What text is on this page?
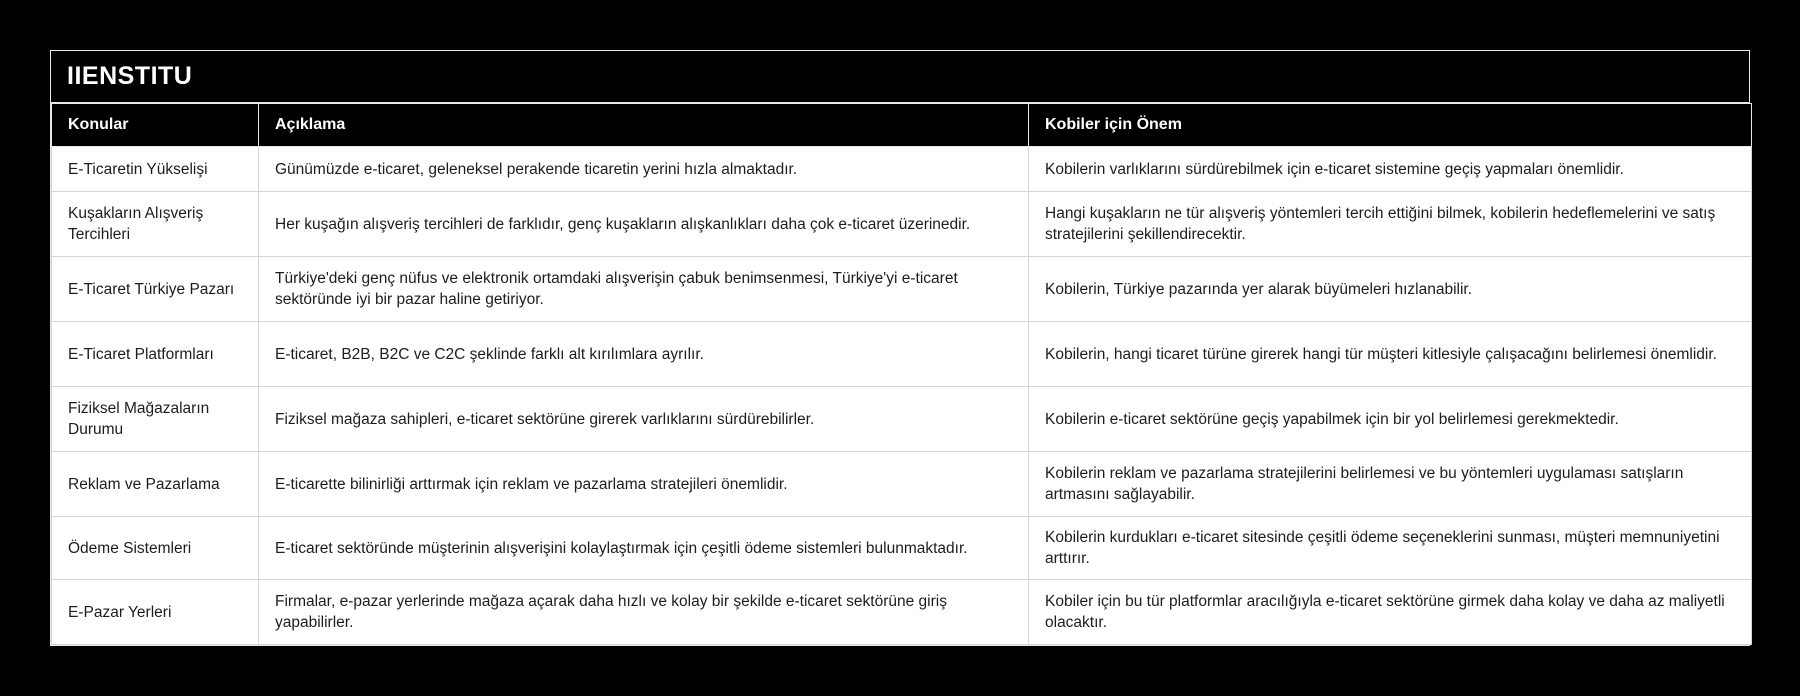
IIENSTITU
Konular	Açıklama	Kobiler için Önem
E-Ticaretin Yükselişi	Günümüzde e-ticaret, geleneksel perakende ticaretin yerini hızla almaktadır.	Kobilerin varlıklarını sürdürebilmek için e-ticaret sistemine geçiş yapmaları önemlidir.
Kuşakların Alışveriş Tercihleri	Her kuşağın alışveriş tercihleri de farklıdır, genç kuşakların alışkanlıkları daha çok e-ticaret üzerinedir.	Hangi kuşakların ne tür alışveriş yöntemleri tercih ettiğini bilmek, kobilerin hedeflemelerini ve satış stratejilerini şekillendirecektir.
E-Ticaret Türkiye Pazarı	Türkiye'deki genç nüfus ve elektronik ortamdaki alışverişin çabuk benimsenmesi, Türkiye'yi e-ticaret sektöründe iyi bir pazar haline getiriyor.	Kobilerin, Türkiye pazarında yer alarak büyümeleri hızlanabilir.
E-Ticaret Platformları	E-ticaret, B2B, B2C ve C2C şeklinde farklı alt kırılımlara ayrılır.	Kobilerin, hangi ticaret türüne girerek hangi tür müşteri kitlesiyle çalışacağını belirlemesi önemlidir.
Fiziksel Mağazaların Durumu	Fiziksel mağaza sahipleri, e-ticaret sektörüne girerek varlıklarını sürdürebilirler.	Kobilerin e-ticaret sektörüne geçiş yapabilmek için bir yol belirlemesi gerekmektedir.
Reklam ve Pazarlama	E-ticarette bilinirliği arttırmak için reklam ve pazarlama stratejileri önemlidir.	Kobilerin reklam ve pazarlama stratejilerini belirlemesi ve bu yöntemleri uygulaması satışların artmasını sağlayabilir.
Ödeme Sistemleri	E-ticaret sektöründe müşterinin alışverişini kolaylaştırmak için çeşitli ödeme sistemleri bulunmaktadır.	Kobilerin kurdukları e-ticaret sitesinde çeşitli ödeme seçeneklerini sunması, müşteri memnuniyetini arttırır.
E-Pazar Yerleri	Firmalar, e-pazar yerlerinde mağaza açarak daha hızlı ve kolay bir şekilde e-ticaret sektörüne giriş yapabilirler.	Kobiler için bu tür platformlar aracılığıyla e-ticaret sektörüne girmek daha kolay ve daha az maliyetli olacaktır.
